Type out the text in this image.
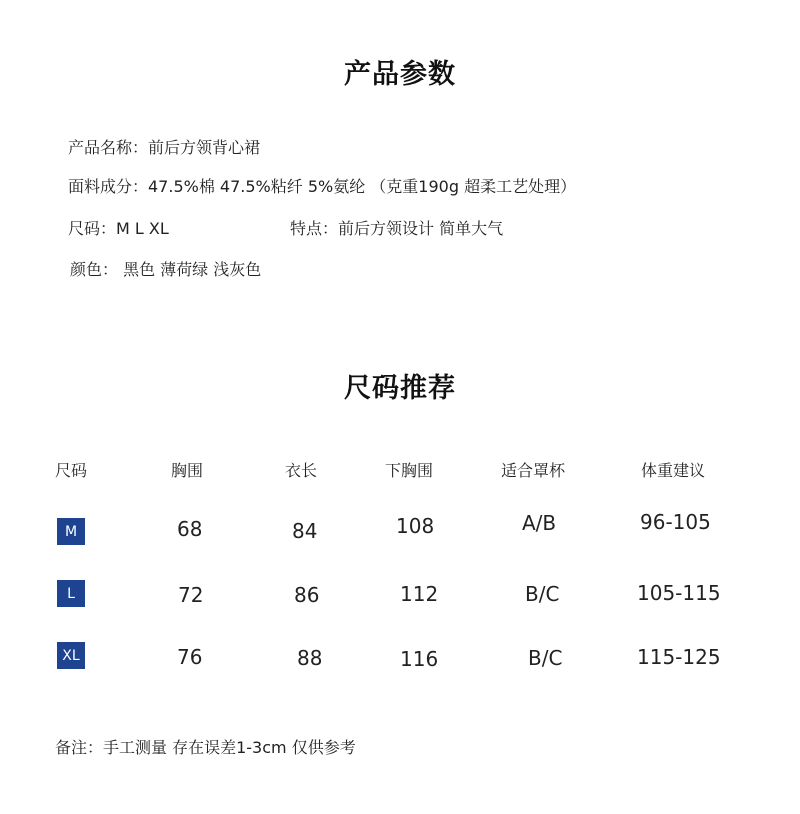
产品参数
产品名称：前后方领背心裙
面料成分：47.5%棉 47.5%粘纤 5%氨纶 （克重190g 超柔工艺处理）
尺码：M L XL	特点：前后方领设计 简单大气
颜色： 黑色 薄荷绿 浅灰色
尺码推荐
尺码	胸围	衣长	下胸围	适合罩杯	体重建议
M	68	84	108	A/B	96-105
L	72	86	112	B/C	105-115
XL	76	88	116	B/C	115-125
备注：手工测量 存在误差1-3cm 仅供参考
